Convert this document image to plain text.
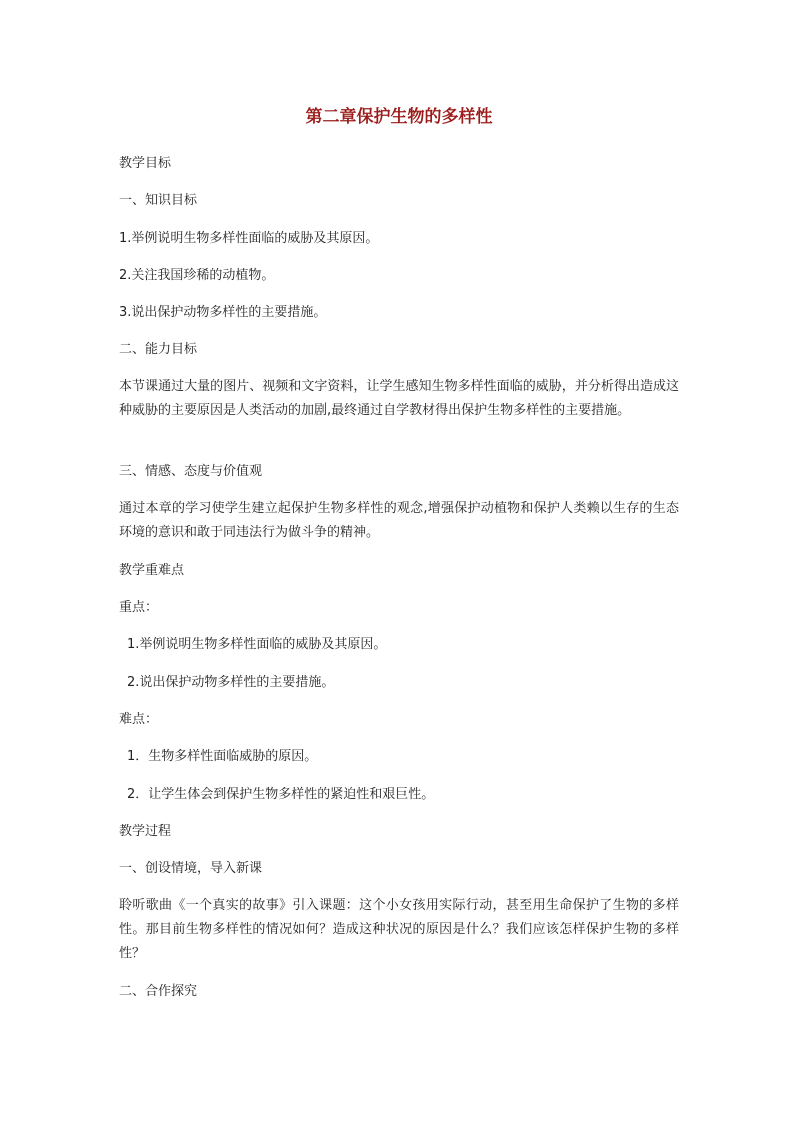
第二章保护生物的多样性
教学目标
一、知识目标
1.举例说明生物多样性面临的威胁及其原因。
2.关注我国珍稀的动植物。
3.说出保护动物多样性的主要措施。
二、能力目标
本节课通过大量的图片、视频和文字资料，让学生感知生物多样性面临的威胁，并分析得出造成这种威胁的主要原因是人类活动的加剧,最终通过自学教材得出保护生物多样性的主要措施。
三、情感、态度与价值观
通过本章的学习使学生建立起保护生物多样性的观念,增强保护动植物和保护人类赖以生存的生态环境的意识和敢于同违法行为做斗争的精神。
教学重难点
重点：
1.举例说明生物多样性面临的威胁及其原因。
2.说出保护动物多样性的主要措施。
难点：
1．生物多样性面临威胁的原因。
2．让学生体会到保护生物多样性的紧迫性和艰巨性。
教学过程
一、创设情境，导入新课
聆听歌曲《一个真实的故事》引入课题：这个小女孩用实际行动，甚至用生命保护了生物的多样性。那目前生物多样性的情况如何？造成这种状况的原因是什么？我们应该怎样保护生物的多样性？
二、合作探究
